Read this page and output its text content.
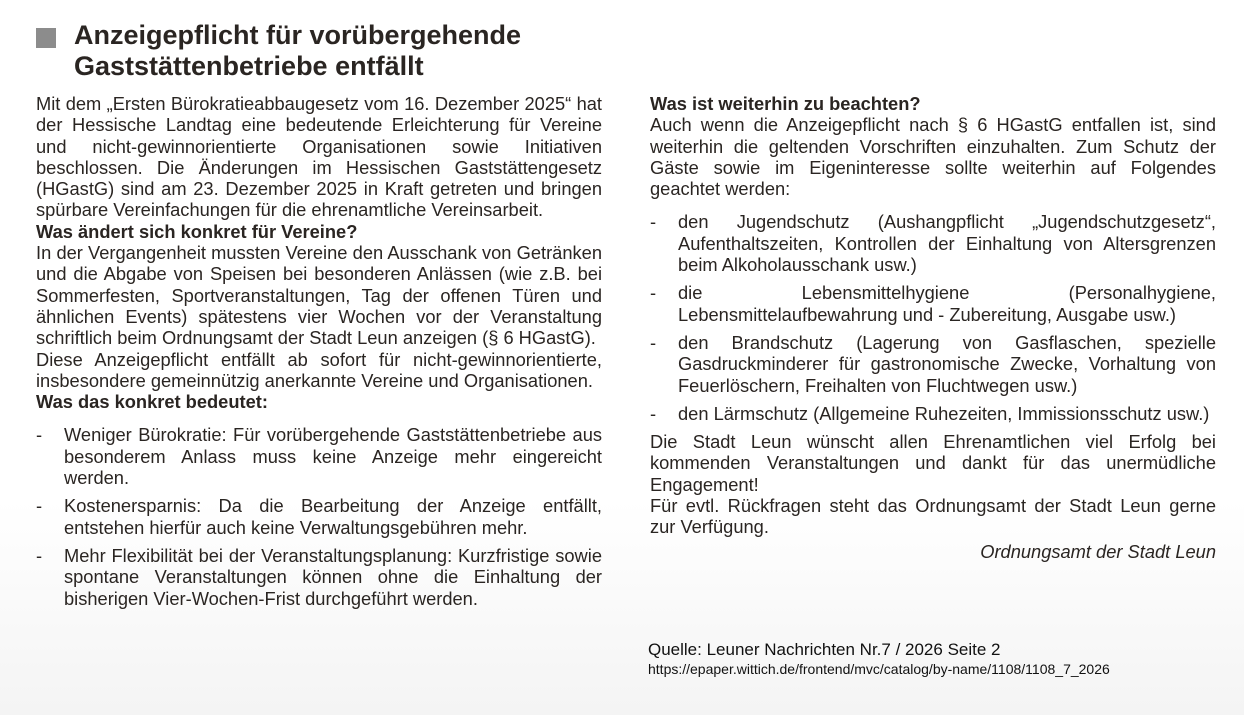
Anzeigepflicht für vorübergehende
Gaststättenbetriebe entfällt

Mit dem „Ersten Bürokratieabbaugesetz vom 16. Dezember 2025“ hat der Hessische Landtag eine bedeutende Erleichterung für Vereine und nicht-gewinnorientierte Organisationen sowie Initiativen beschlossen. Die Änderungen im Hessischen Gaststättengesetz (HGastG) sind am 23. Dezember 2025 in Kraft getreten und bringen spürbare Vereinfachungen für die ehrenamtliche Vereinsarbeit.

Was ändert sich konkret für Vereine?

In der Vergangenheit mussten Vereine den Ausschank von Getränken und die Abgabe von Speisen bei besonderen Anlässen (wie z.B. bei Sommerfesten, Sportveranstaltungen, Tag der offenen Türen und ähnlichen Events) spätestens vier Wochen vor der Veranstaltung schriftlich beim Ordnungsamt der Stadt Leun anzeigen (§ 6 HGastG).

Diese Anzeigepflicht entfällt ab sofort für nicht-gewinnorientierte, insbesondere gemeinnützig anerkannte Vereine und Organisationen.

Was das konkret bedeutet:
- Weniger Bürokratie: Für vorübergehende Gaststättenbetriebe aus besonderem Anlass muss keine Anzeige mehr eingereicht werden.
- Kostenersparnis: Da die Bearbeitung der Anzeige entfällt, entstehen hierfür auch keine Verwaltungsgebühren mehr.
- Mehr Flexibilität bei der Veranstaltungsplanung: Kurzfristige sowie spontane Veranstaltungen können ohne die Einhaltung der bisherigen Vier-Wochen-Frist durchgeführt werden.
Was ist weiterhin zu beachten?

Auch wenn die Anzeigepflicht nach § 6 HGastG entfallen ist, sind weiterhin die geltenden Vorschriften einzuhalten. Zum Schutz der Gäste sowie im Eigeninteresse sollte weiterhin auf Folgendes geachtet werden:

- den Jugendschutz (Aushangpflicht „Jugendschutzgesetz“, Aufenthaltszeiten, Kontrollen der Einhaltung von Altersgrenzen beim Alkoholausschank usw.)
- die Lebensmittelhygiene (Personalhygiene, Lebensmittelaufbewahrung und - Zubereitung, Ausgabe usw.)
- den Brandschutz (Lagerung von Gasflaschen, spezielle Gasdruckminderer für gastronomische Zwecke, Vorhaltung von Feuerlöschern, Freihalten von Fluchtwegen usw.)
- den Lärmschutz (Allgemeine Ruhezeiten, Immissionsschutz usw.)

Die Stadt Leun wünscht allen Ehrenamtlichen viel Erfolg bei kommenden Veranstaltungen und dankt für das unermüdliche Engagement!

Für evtl. Rückfragen steht das Ordnungsamt der Stadt Leun gerne zur Verfügung.

Ordnungsamt der Stadt Leun
Quelle: Leuner Nachrichten Nr.7 / 2026 Seite 2
https://epaper.wittich.de/frontend/mvc/catalog/by-name/1108/1108_7_2026
